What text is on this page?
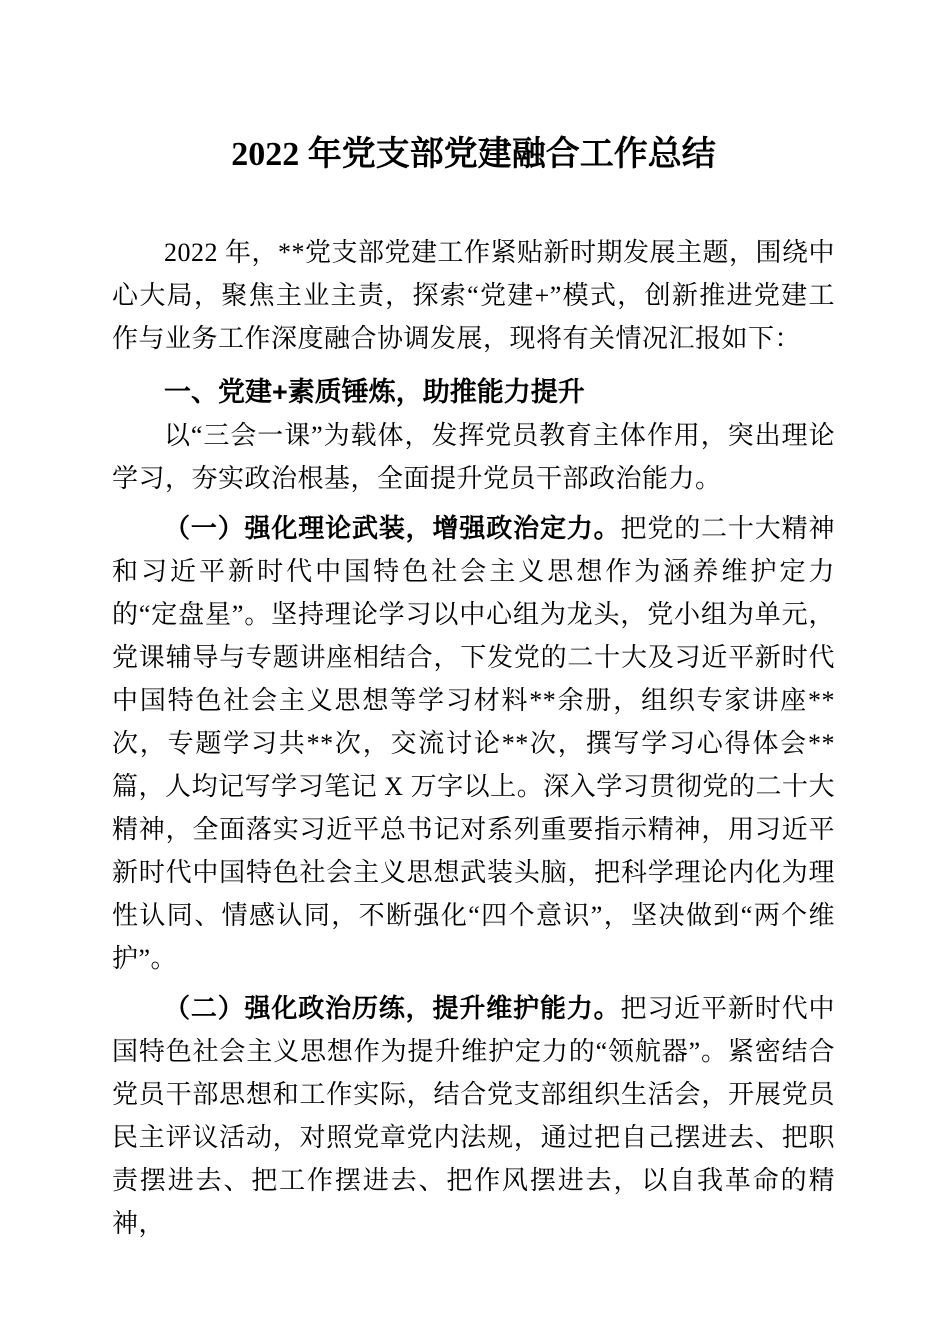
2022 年党支部党建融合工作总结

2022 年，**党支部党建工作紧贴新时期发展主题，围绕中心大局，聚焦主业主责，探索“党建+”模式，创新推进党建工作与业务工作深度融合协调发展，现将有关情况汇报如下：

一、党建+素质锤炼，助推能力提升

以“三会一课”为载体，发挥党员教育主体作用，突出理论学习，夯实政治根基，全面提升党员干部政治能力。

（一）强化理论武装，增强政治定力。把党的二十大精神和习近平新时代中国特色社会主义思想作为涵养维护定力的“定盘星”。坚持理论学习以中心组为龙头，党小组为单元，党课辅导与专题讲座相结合，下发党的二十大及习近平新时代中国特色社会主义思想等学习材料**余册，组织专家讲座**次，专题学习共**次，交流讨论**次，撰写学习心得体会**篇，人均记写学习笔记 X 万字以上。深入学习贯彻党的二十大精神，全面落实习近平总书记对系列重要指示精神，用习近平新时代中国特色社会主义思想武装头脑，把科学理论内化为理性认同、情感认同，不断强化“四个意识”，坚决做到“两个维护”。

（二）强化政治历练，提升维护能力。把习近平新时代中国特色社会主义思想作为提升维护定力的“领航器”。紧密结合党员干部思想和工作实际，结合党支部组织生活会，开展党员民主评议活动，对照党章党内法规，通过把自己摆进去、把职责摆进去、把工作摆进去、把作风摆进去，以自我革命的精神，
